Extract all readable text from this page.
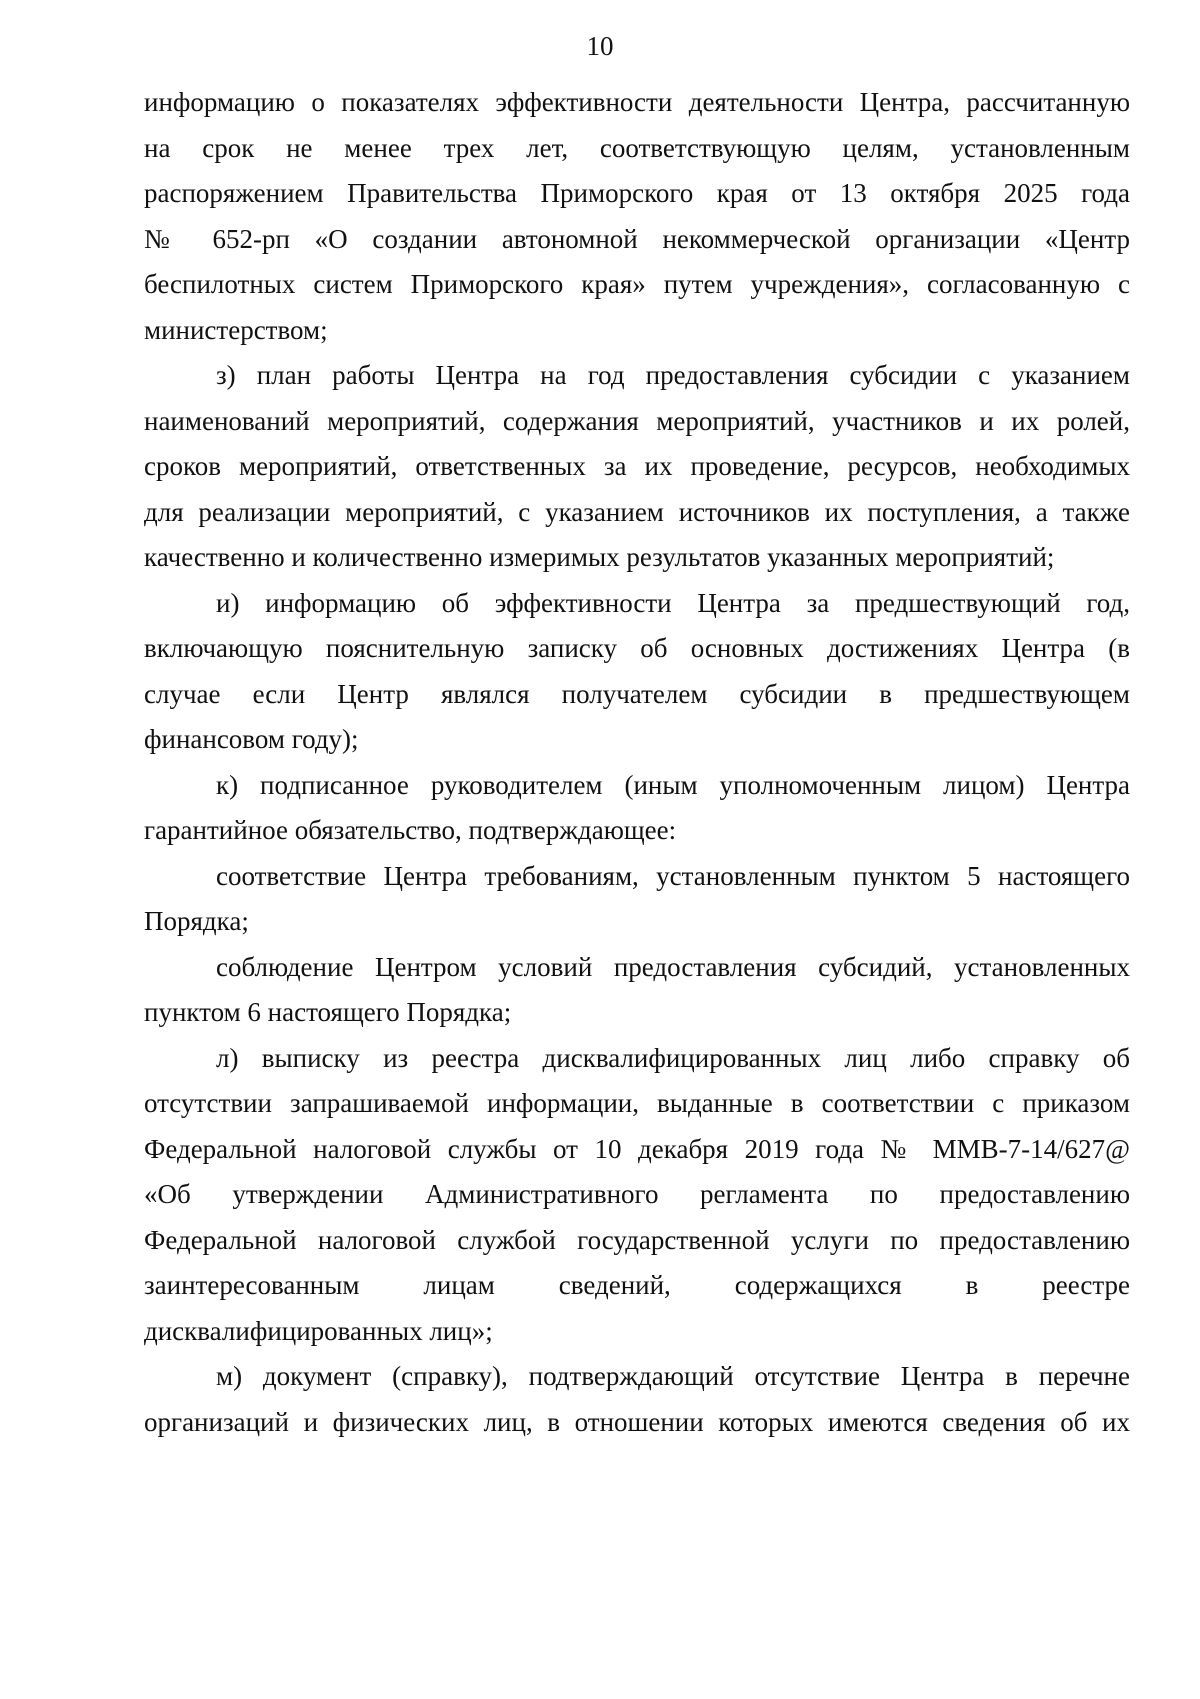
10

информацию о показателях эффективности деятельности Центра, рассчитанную
на срок не менее трех лет, соответствующую целям, установленным
распоряжением Правительства Приморского края от 13 октября 2025 года
№ 652-рп «О создании автономной некоммерческой организации «Центр
беспилотных систем Приморского края» путем учреждения», согласованную с
министерством;

з) план работы Центра на год предоставления субсидии с указанием
наименований мероприятий, содержания мероприятий, участников и их ролей,
сроков мероприятий, ответственных за их проведение, ресурсов, необходимых
для реализации мероприятий, с указанием источников их поступления, а также
качественно и количественно измеримых результатов указанных мероприятий;

и) информацию об эффективности Центра за предшествующий год,
включающую пояснительную записку об основных достижениях Центра (в
случае если Центр являлся получателем субсидии в предшествующем
финансовом году);

к) подписанное руководителем (иным уполномоченным лицом) Центра
гарантийное обязательство, подтверждающее:

соответствие Центра требованиям, установленным пунктом 5 настоящего
Порядка;

соблюдение Центром условий предоставления субсидий, установленных
пунктом 6 настоящего Порядка;

л) выписку из реестра дисквалифицированных лиц либо справку об
отсутствии запрашиваемой информации, выданные в соответствии с приказом
Федеральной налоговой службы от 10 декабря 2019 года № ММВ-7-14/627@
«Об утверждении Административного регламента по предоставлению
Федеральной налоговой службой государственной услуги по предоставлению
заинтересованным лицам сведений, содержащихся в реестре
дисквалифицированных лиц»;

м) документ (справку), подтверждающий отсутствие Центра в перечне
организаций и физических лиц, в отношении которых имеются сведения об их
